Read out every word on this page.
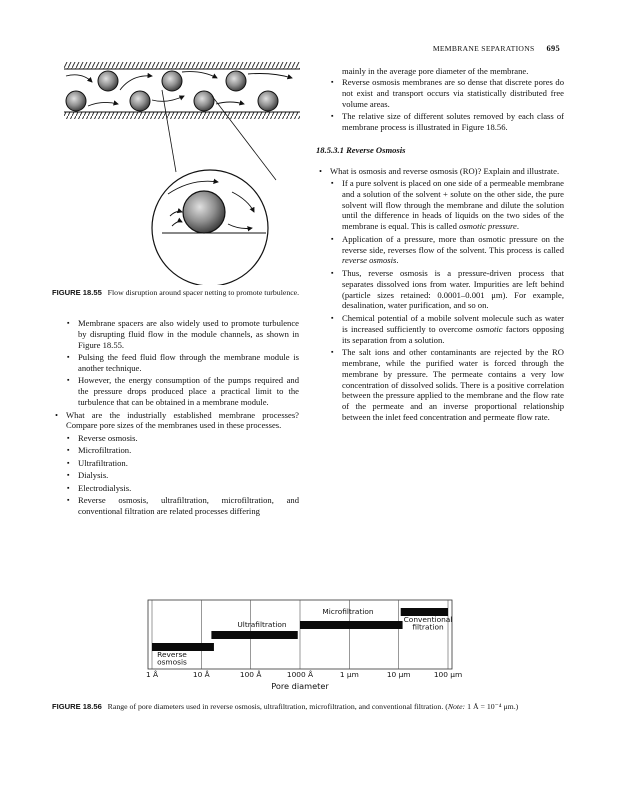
MEMBRANE SEPARATIONS 695
FIGURE 18.55 Flow disruption around spacer netting to promote turbulence.
▪ Membrane spacers are also widely used to promote turbulence by disrupting fluid flow in the module channels, as shown in Figure 18.55.
▪ Pulsing the feed fluid flow through the membrane module is another technique.
▪ However, the energy consumption of the pumps required and the pressure drops produced place a practical limit to the turbulence that can be obtained in a membrane module.
• What are the industrially established membrane processes? Compare pore sizes of the membranes used in these processes.
▪ Reverse osmosis.
▪ Microfiltration.
▪ Ultrafiltration.
▪ Dialysis.
▪ Electrodialysis.
▪ Reverse osmosis, ultrafiltration, microfiltration, and conventional filtration are related processes differing
mainly in the average pore diameter of the membrane.
▪ Reverse osmosis membranes are so dense that discrete pores do not exist and transport occurs via statistically distributed free volume areas.
▪ The relative size of different solutes removed by each class of membrane process is illustrated in Figure 18.56.
18.5.3.1 Reverse Osmosis
• What is osmosis and reverse osmosis (RO)? Explain and illustrate.
▪ If a pure solvent is placed on one side of a permeable membrane and a solution of the solvent + solute on the other side, the pure solvent will flow through the membrane and dilute the solution until the difference in heads of liquids on the two sides of the membrane is equal. This is called osmotic pressure.
▪ Application of a pressure, more than osmotic pressure on the reverse side, reverses flow of the solvent. This process is called reverse osmosis.
▪ Thus, reverse osmosis is a pressure-driven process that separates dissolved ions from water. Impurities are left behind (particle sizes retained: 0.0001–0.001 μm). For example, desalination, water purification, and so on.
▪ Chemical potential of a mobile solvent molecule such as water is increased sufficiently to overcome osmotic factors opposing its separation from a solution.
▪ The salt ions and other contaminants are rejected by the RO membrane, while the purified water is forced through the membrane by pressure. The permeate contains a very low concentration of dissolved solids. There is a positive correlation between the pressure applied to the membrane and the flow rate of the permeate and an inverse proportional relationship between the inlet feed concentration and permeate flow rate.
Reverse
osmosis
Ultrafiltration
Microfiltration
Conventional
filtration
1 Å	10 Å	100 Å	1000 Å	1 μm	10 μm	100 μm
Pore diameter
FIGURE 18.56 Range of pore diameters used in reverse osmosis, ultrafiltration, microfiltration, and conventional filtration. (Note: 1 Å = 10⁻⁴ μm.)
